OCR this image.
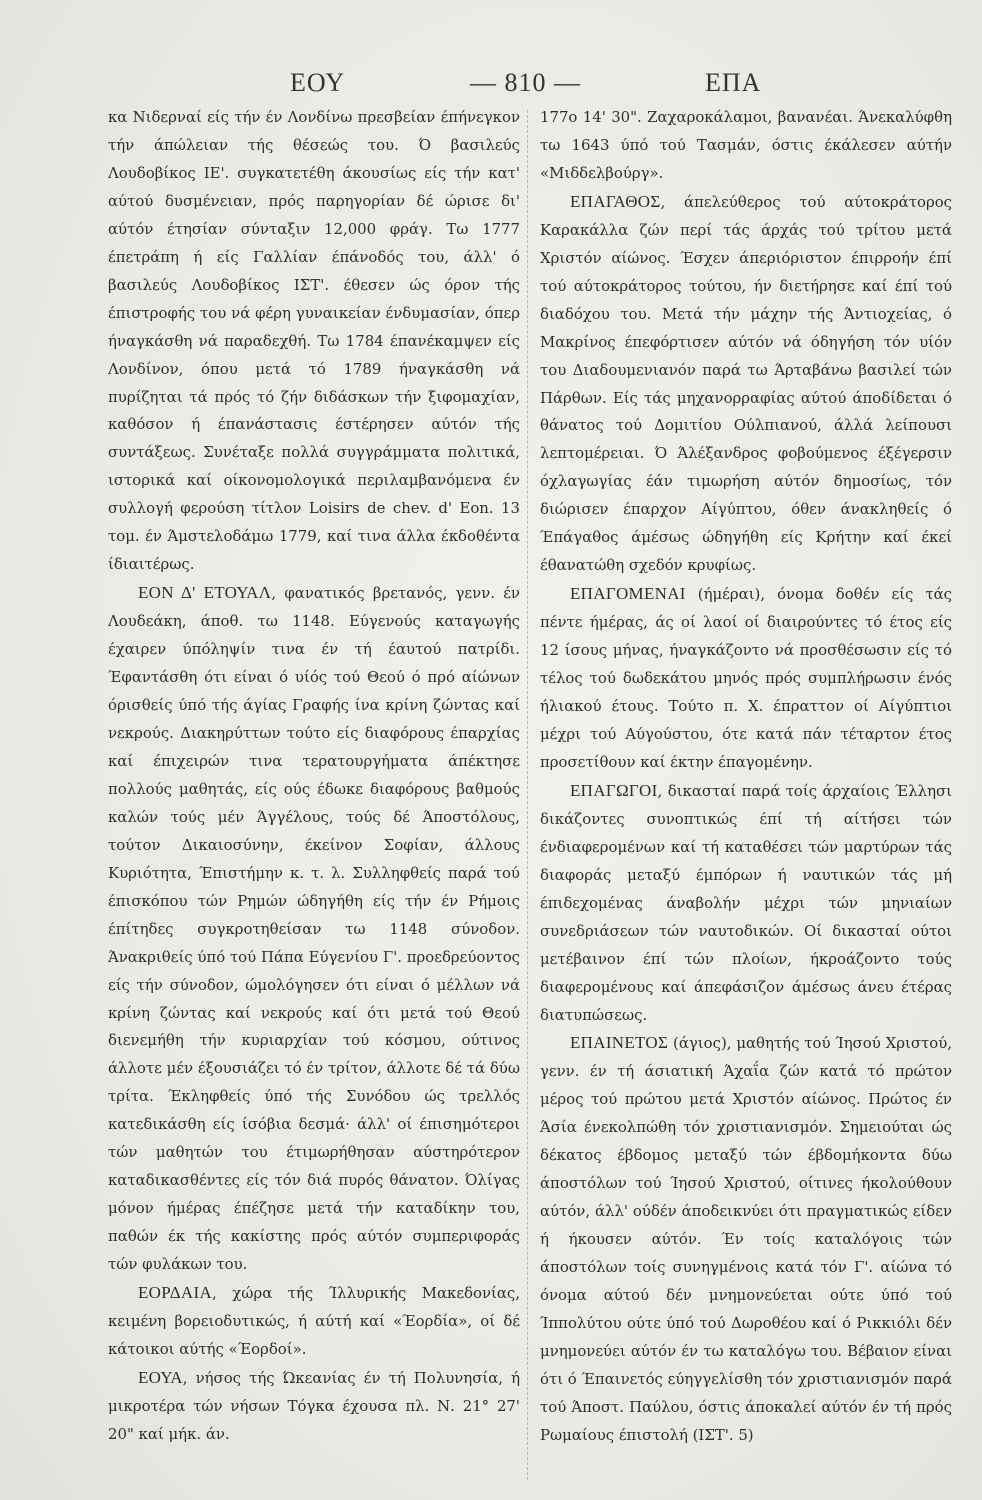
ΕΟΥ	— 810 —	ΕΠΑ

κα Νιδερναί είς τήν έν Λονδίνω πρεσβείαν έπήνεγκον τήν άπώλειαν τής θέσεώς του. Ό βασιλεύς Λουδοβίκος ΙΕ'. συγκατετέθη άκουσίως είς τήν κατ' αύτού δυσμένειαν, πρός παρηγορίαν δέ ώρισε δι' αύτόν έτησίαν σύνταξιν 12,000 φράγ. Τω 1777 έπετράπη ή είς Γαλλίαν έπάνοδός του, άλλ' ό βασιλεύς Λουδοβίκος ΙΣΤ'. έθεσεν ώς όρον τής έπιστροφής του νά φέρη γυναικείαν ένδυμασίαν, όπερ ήναγκάσθη νά παραδεχθή. Τω 1784 έπανέκαμψεν είς Λονδίνον, όπου μετά τό 1789 ήναγκάσθη νά πυρίζηται τά πρός τό ζήν διδάσκων τήν ξιφομαχίαν, καθόσον ή έπανάστασις έστέρησεν αύτόν τής συντάξεως. Συνέταξε πολλά συγγράμματα πολιτικά, ιστορικά καί οίκονομολογικά περιλαμβανόμενα έν συλλογή φερούση τίτλον Loisirs de chev. d' Eon. 13 τομ. έν Άμστελοδάμω 1779, καί τινα άλλα έκδοθέντα ίδιαιτέρως.

ΕΟΝ Δ' ΕΤΟΥΑΛ, φανατικός βρετανός, γενν. έν Λουδεάκη, άποθ. τω 1148. Εύγενούς καταγωγής έχαιρεν ύπόληψίν τινα έν τή έαυτού πατρίδι. Έφαντάσθη ότι είναι ό υίός τού Θεού ό πρό αίώνων όρισθείς ύπό τής άγίας Γραφής ίνα κρίνη ζώντας καί νεκρούς. Διακηρύττων τούτο είς διαφόρους έπαρχίας καί έπιχειρών τινα τερατουργήματα άπέκτησε πολλούς μαθητάς, είς ούς έδωκε διαφόρους βαθμούς καλών τούς μέν Άγγέλους, τούς δέ Άποστόλους, τούτον Δικαιοσύνην, έκείνον Σοφίαν, άλλους Κυριότητα, Έπιστήμην κ. τ. λ. Συλληφθείς παρά τού έπισκόπου τών Ρημών ώδηγήθη είς τήν έν Ρήμοις έπίτηδες συγκροτηθείσαν τω 1148 σύνοδον. Άνακριθείς ύπό τού Πάπα Εύγενίου Γ'. προεδρεύοντος είς τήν σύνοδον, ώμολόγησεν ότι είναι ό μέλλων νά κρίνη ζώντας καί νεκρούς καί ότι μετά τού Θεού διενεμήθη τήν κυριαρχίαν τού κόσμου, ούτινος άλλοτε μέν έξουσιάζει τό έν τρίτον, άλλοτε δέ τά δύω τρίτα. Έκληφθείς ύπό τής Συνόδου ώς τρελλός κατεδικάσθη είς ίσόβια δεσμά· άλλ' οί έπισημότεροι τών μαθητών του έτιμωρήθησαν αύστηρότερον καταδικασθέντες είς τόν διά πυρός θάνατον. Όλίγας μόνον ήμέρας έπέζησε μετά τήν καταδίκην του, παθών έκ τής κακίστης πρός αύτόν συμπεριφοράς τών φυλάκων του.

ΕΟΡΔΑΙΑ, χώρα τής Ίλλυρικής Μακεδονίας, κειμένη βορειοδυτικώς, ή αύτή καί «Έορδία», οί δέ κάτοικοι αύτής «Έορδοί».

ΕΟΥΑ, νήσος τής Ώκεανίας έν τή Πολυνησία, ή μικροτέρα τών νήσων Τόγκα έχουσα πλ. Ν. 21° 27' 20" καί μήκ. άν.

177ο 14' 30". Ζαχαροκάλαμοι, βανανέαι. Άνεκαλύφθη τω 1643 ύπό τού Τασμάν, όστις έκάλεσεν αύτήν «Μιδδελβούργ».

ΕΠΑΓΑΘΟΣ, άπελεύθερος τού αύτοκράτορος Καρακάλλα ζών περί τάς άρχάς τού τρίτου μετά Χριστόν αίώνος. Έσχεν άπεριόριστον έπιρροήν έπί τού αύτοκράτορος τούτου, ήν διετήρησε καί έπί τού διαδόχου του. Μετά τήν μάχην τής Άντιοχείας, ό Μακρίνος έπεφόρτισεν αύτόν νά όδηγήση τόν υίόν του Διαδουμενιανόν παρά τω Άρταβάνω βασιλεί τών Πάρθων. Είς τάς μηχανορραφίας αύτού άποδίδεται ό θάνατος τού Δομιτίου Ούλπιανού, άλλά λείπουσι λεπτομέρειαι. Ό Άλέξανδρος φοβούμενος έξέγερσιν όχλαγωγίας έάν τιμωρήση αύτόν δημοσίως, τόν διώρισεν έπαρχον Αίγύπτου, όθεν άνακληθείς ό Έπάγαθος άμέσως ώδηγήθη είς Κρήτην καί έκεί έθανατώθη σχεδόν κρυφίως.

ΕΠΑΓΟΜΕΝΑΙ (ήμέραι), όνομα δοθέν είς τάς πέντε ήμέρας, άς οί λαοί οί διαιρούντες τό έτος είς 12 ίσους μήνας, ήναγκάζοντο νά προσθέσωσιν είς τό τέλος τού δωδεκάτου μηνός πρός συμπλήρωσιν ένός ήλιακού έτους. Τούτο π. Χ. έπραττον οί Αίγύπτιοι μέχρι τού Αύγούστου, ότε κατά πάν τέταρτον έτος προσετίθουν καί έκτην έπαγομένην.

ΕΠΑΓΩΓΟΙ, δικασταί παρά τοίς άρχαίοις Έλλησι δικάζοντες συνοπτικώς έπί τή αίτήσει τών ένδιαφερομένων καί τή καταθέσει τών μαρτύρων τάς διαφοράς μεταξύ έμπόρων ή ναυτικών τάς μή έπιδεχομένας άναβολήν μέχρι τών μηνιαίων συνεδριάσεων τών ναυτοδικών. Οί δικασταί ούτοι μετέβαινον έπί τών πλοίων, ήκροάζοντο τούς διαφερομένους καί άπεφάσιζον άμέσως άνευ έτέρας διατυπώσεως.

ΕΠΑΙΝΕΤΟΣ (άγιος), μαθητής τού Ίησού Χριστού, γενν. έν τή άσιατική Άχαΐα ζών κατά τό πρώτον μέρος τού πρώτου μετά Χριστόν αίώνος. Πρώτος έν Άσία ένεκολπώθη τόν χριστιανισμόν. Σημειούται ώς δέκατος έβδομος μεταξύ τών έβδομήκοντα δύω άποστόλων τού Ίησού Χριστού, οίτινες ήκολούθουν αύτόν, άλλ' ούδέν άποδεικνύει ότι πραγματικώς είδεν ή ήκουσεν αύτόν. Έν τοίς καταλόγοις τών άποστόλων τοίς συνηγμένοις κατά τόν Γ'. αίώνα τό όνομα αύτού δέν μνημονεύεται ούτε ύπό τού Ίππολύτου ούτε ύπό τού Δωροθέου καί ό Ρικκιόλι δέν μνημονεύει αύτόν έν τω καταλόγω του. Βέβαιον είναι ότι ό Έπαινετός εύηγγελίσθη τόν χριστιανισμόν παρά τού Άποστ. Παύλου, όστις άποκαλεί αύτόν έν τή πρός Ρωμαίους έπιστολή (ΙΣΤ'. 5)
